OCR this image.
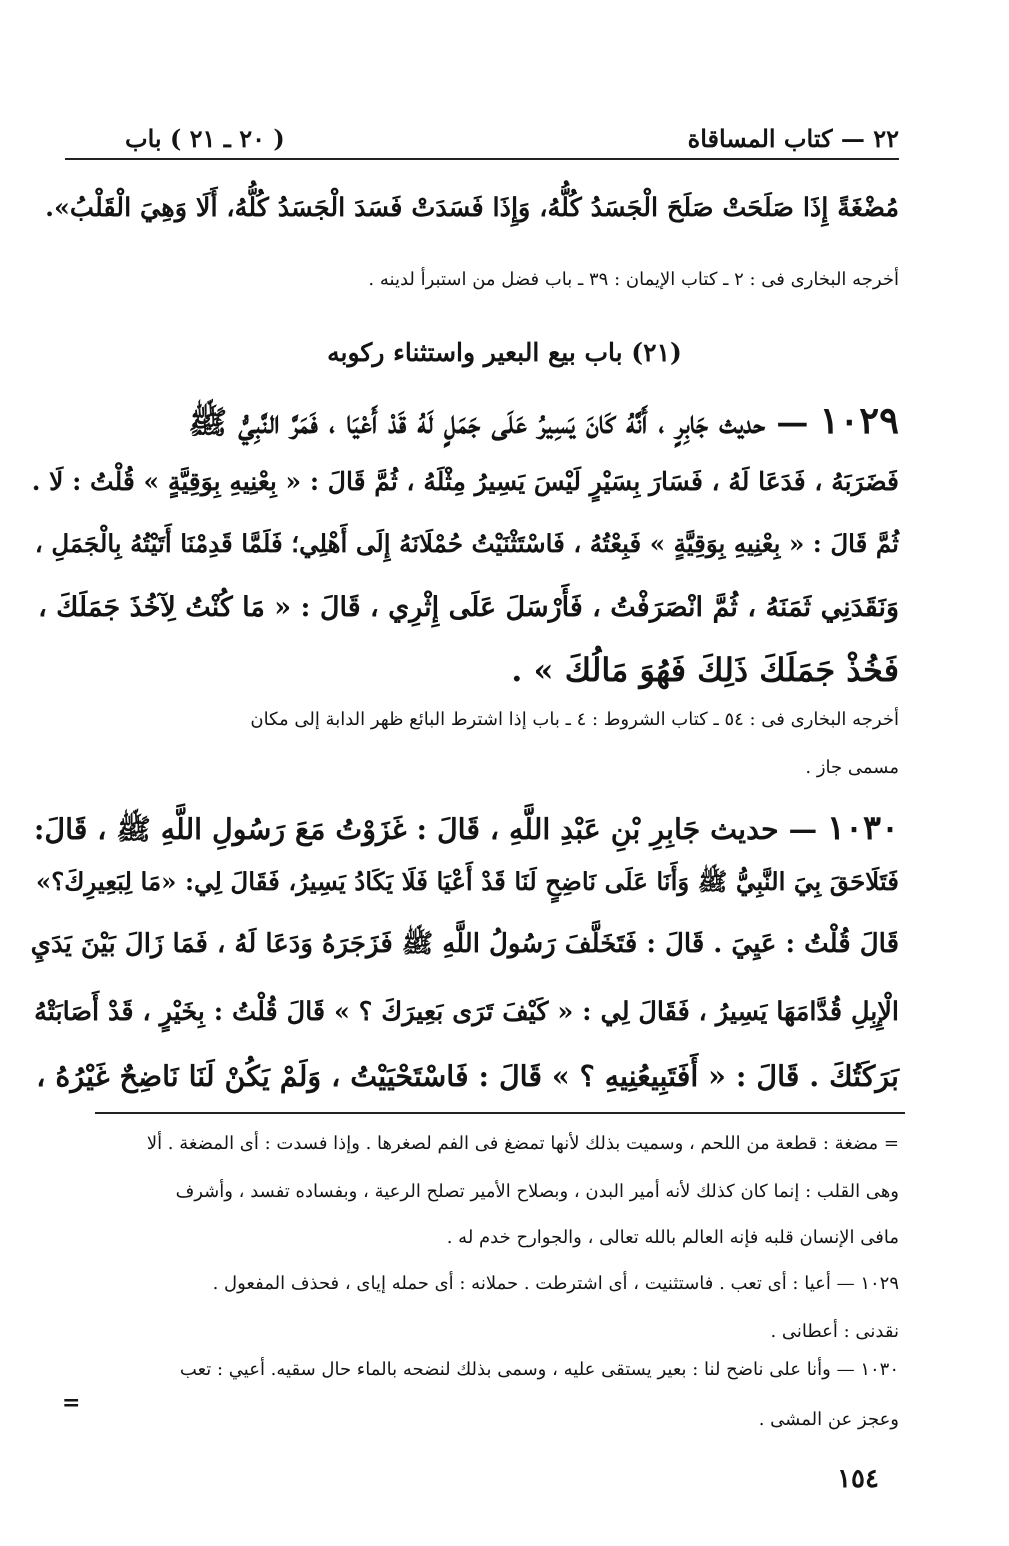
٢٢ — كتاب المساقاة
( ٢٠ ـ ٢١ ) باب
مُضْغَةً إِذَا صَلَحَتْ صَلَحَ الْجَسَدُ كُلُّهُ، وَإِذَا فَسَدَتْ فَسَدَ الْجَسَدُ كُلُّهُ، أَلَا وَهِيَ الْقَلْبُ».
أخرجه البخارى فى : ٢ ـ كتاب الإيمان : ٣٩ ـ باب فضل من استبرأ لدينه .
(٢١) باب بيع البعير واستثناء ركوبه
١٠٢٩ — حديث جَابِرٍ ، أَنَّهُ كَانَ يَسِيرُ عَلَى جَمَلٍ لَهُ قَدْ أَعْيَا ، فَمَرَّ النَّبِيُّ ﷺ
فَضَرَبَهُ ، فَدَعَا لَهُ ، فَسَارَ بِسَيْرٍ لَيْسَ يَسِيرُ مِثْلَهُ ، ثُمَّ قَالَ : « بِعْنِيهِ بِوَقِيَّةٍ » قُلْتُ : لَا .
ثُمَّ قَالَ : « بِعْنِيهِ بِوَقِيَّةٍ » فَبِعْتُهُ ، فَاسْتَثْنَيْتُ حُمْلَانَهُ إِلَى أَهْلِي؛ فَلَمَّا قَدِمْنَا أَتَيْتُهُ بِالْجَمَلِ ،
وَنَقَدَنِي ثَمَنَهُ ، ثُمَّ انْصَرَفْتُ ، فَأَرْسَلَ عَلَى إِثْرِي ، قَالَ : « مَا كُنْتُ لِآخُذَ جَمَلَكَ ،
فَخُذْ جَمَلَكَ ذَلِكَ فَهُوَ مَالُكَ » .
أخرجه البخارى فى : ٥٤ ـ كتاب الشروط : ٤ ـ باب إذا اشترط البائع ظهر الدابة إلى مكان
مسمى جاز .
١٠٣٠ — حديث جَابِرِ بْنِ عَبْدِ اللَّهِ ، قَالَ : غَزَوْتُ مَعَ رَسُولِ اللَّهِ ﷺ ، قَالَ:
فَتَلَاحَقَ بِيَ النَّبِيُّ ﷺ وَأَنَا عَلَى نَاضِحٍ لَنَا قَدْ أَعْيَا فَلَا يَكَادُ يَسِيرُ، فَقَالَ لِي: «مَا لِبَعِيرِكَ؟»
قَالَ قُلْتُ : عَيِيَ . قَالَ : فَتَخَلَّفَ رَسُولُ اللَّهِ ﷺ فَزَجَرَهُ وَدَعَا لَهُ ، فَمَا زَالَ بَيْنَ يَدَيِ
الْإِبِلِ قُدَّامَهَا يَسِيرُ ، فَقَالَ لِي : « كَيْفَ تَرَى بَعِيرَكَ ؟ » قَالَ قُلْتُ : بِخَيْرٍ ، قَدْ أَصَابَتْهُ
بَرَكَتُكَ . قَالَ : « أَفَتَبِيعُنِيهِ ؟ » قَالَ : فَاسْتَحْيَيْتُ ، وَلَمْ يَكُنْ لَنَا نَاضِحٌ غَيْرُهُ ،
= مضغة : قطعة من اللحم ، وسميت بذلك لأنها تمضغ فى الفم لصغرها . وإذا فسدت : أى المضغة . ألا
وهى القلب : إنما كان كذلك لأنه أمير البدن ، وبصلاح الأمير تصلح الرعية ، وبفساده تفسد ، وأشرف
مافى الإنسان قلبه فإنه العالم بالله تعالى ، والجوارح خدم له .
١٠٢٩ — أعيا : أى تعب . فاستثنيت ، أى اشترطت . حملانه : أى حمله إياى ، فحذف المفعول .
نقدنى : أعطانى .
١٠٣٠ — وأنا على ناضح لنا : بعير يستقى عليه ، وسمى بذلك لنضحه بالماء حال سقيه. أعيي : تعب
=
وعجز عن المشى .
١٥٤
